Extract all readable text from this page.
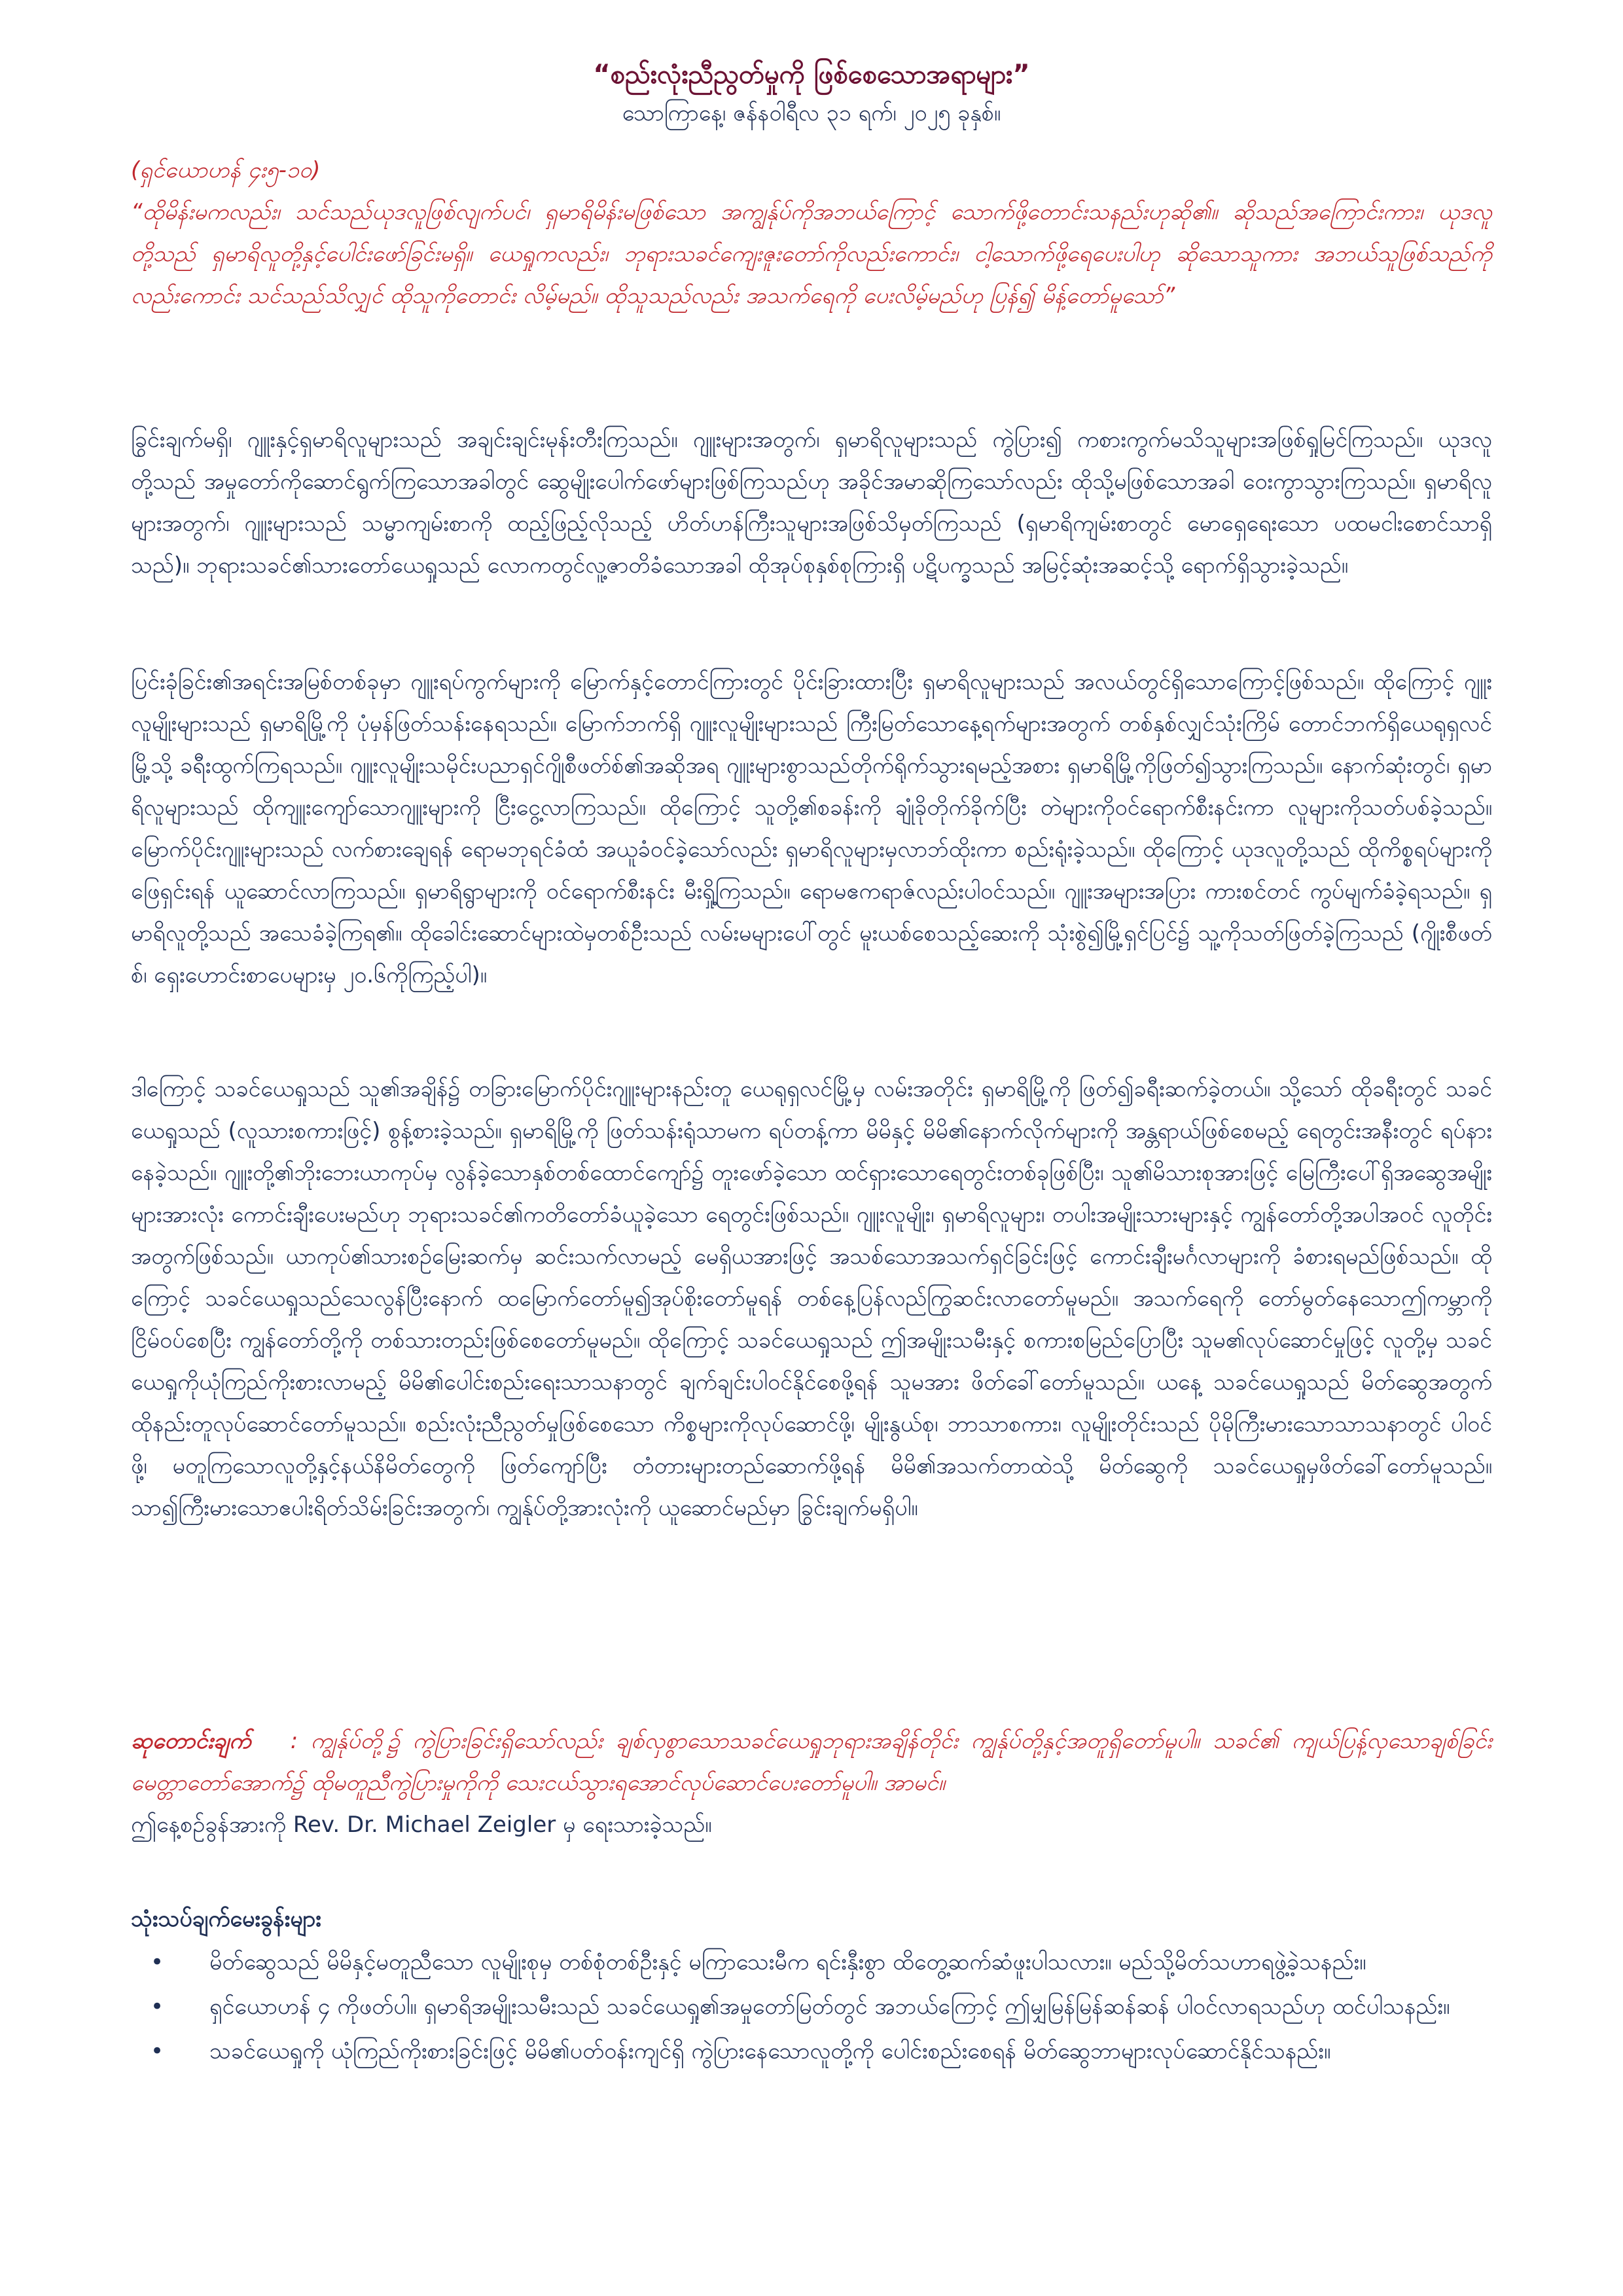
“စည်းလုံးညီညွတ်မှုကို ဖြစ်စေသောအရာများ”
သောကြာနေ့၊ ဇန်နဝါရီလ ၃၁ ရက်၊ ၂၀၂၅ ခုနှစ်။
(ရှင်ယောဟန် ၄း၅-၁၀)
“ထိုမိန်းမကလည်း၊ သင်သည်ယုဒလူဖြစ်လျက်ပင်၊ ရှမာရိမိန်းမဖြစ်သော အကျွန်ုပ်ကိုအဘယ်ကြောင့် သောက်ဖို့တောင်းသနည်းဟုဆို၏။ ဆိုသည်အကြောင်းကား၊ ယုဒလူတို့သည် ရှမာရိလူတို့နှင့်ပေါင်းဖော်ခြင်းမရှိ။ ယေရှုကလည်း၊ ဘုရားသခင်ကျေးဇူးတော်ကိုလည်းကောင်း၊ ငါ့သောက်ဖို့ရေပေးပါဟု ဆိုသောသူကား အဘယ်သူဖြစ်သည်ကိုလည်းကောင်း သင်သည်သိလျှင် ထိုသူကိုတောင်း လိမ့်မည်။ ထိုသူသည်လည်း အသက်ရေကို ပေးလိမ့်မည်ဟု ပြန်၍ မိန့်တော်မူသော်”
ခြွင်းချက်မရှိ၊ ဂျူးနှင့်ရှမာရိလူများသည် အချင်းချင်းမုန်းတီးကြသည်။ ဂျူးများအတွက်၊ ရှမာရိလူများသည် ကွဲပြား၍ ကစားကွက်မသိသူများအဖြစ်ရှုမြင်ကြသည်။ ယုဒလူတို့သည် အမှုတော်ကိုဆောင်ရွက်ကြသောအခါတွင် ဆွေမျိုးပေါက်ဖော်များဖြစ်ကြသည်ဟု အခိုင်အမာဆိုကြသော်လည်း ထိုသို့မဖြစ်သောအခါ ဝေးကွာသွားကြသည်။ ရှမာရိလူများအတွက်၊ ဂျူးများသည် သမ္မာကျမ်းစာကို ထည့်ဖြည့်လိုသည့် ဟိတ်ဟန်ကြီးသူများအဖြစ်သိမှတ်ကြသည် (ရှမာရိကျမ်းစာတွင် မောရှေရေးသော ပထမငါးစောင်သာရှိသည်)။ ဘုရားသခင်၏သားတော်ယေရှုသည် လောကတွင်လူ့ဇာတိခံသောအခါ ထိုအုပ်စုနှစ်စုကြားရှိ ပဋိပက္ခသည် အမြင့်ဆုံးအဆင့်သို့ ရောက်ရှိသွားခဲ့သည်။
ပြင်းခုံခြင်း၏အရင်းအမြစ်တစ်ခုမှာ ဂျူးရပ်ကွက်များကို မြောက်နှင့်တောင်ကြားတွင် ပိုင်းခြားထားပြီး ရှမာရိလူများသည် အလယ်တွင်ရှိသောကြောင့်ဖြစ်သည်။ ထိုကြောင့် ဂျူးလူမျိုးများသည် ရှမာရိမြို့ကို ပုံမှန်ဖြတ်သန်းနေရသည်။ မြောက်ဘက်ရှိ ဂျူးလူမျိုးများသည် ကြီးမြတ်သောနေ့ရက်များအတွက် တစ်နှစ်လျှင်သုံးကြိမ် တောင်ဘက်ရှိယေရုရှလင်မြို့သို့ ခရီးထွက်ကြရသည်။ ဂျူးလူမျိုးသမိုင်းပညာရှင်ဂျိုစီဖတ်စ်၏အဆိုအရ ဂျူးများစွာသည်တိုက်ရိုက်သွားရမည့်အစား ရှမာရိမြို့ကိုဖြတ်၍သွားကြသည်။ နောက်ဆုံးတွင်၊ ရှမာရိလူများသည် ထိုကျူးကျော်သောဂျူးများကို ငြီးငွေ့လာကြသည်။ ထိုကြောင့် သူတို့၏စခန်းကို ချုံခိုတိုက်ခိုက်ပြီး တဲများကိုဝင်ရောက်စီးနင်းကာ လူများကိုသတ်ပစ်ခဲ့သည်။ မြောက်ပိုင်းဂျူးများသည် လက်စားချေရန် ရောမဘုရင်ခံထံ အယူခံဝင်ခဲ့သော်လည်း ရှမာရိလူများမှလာဘ်ထိုးကာ စည်းရုံးခဲ့သည်။ ထိုကြောင့် ယုဒလူတို့သည် ထိုကိစ္စရပ်များကိုဖြေရှင်းရန် ယူဆောင်လာကြသည်။ ရှမာရိရွာများကို ဝင်ရောက်စီးနင်း မီးရှို့ကြသည်။ ရောမဧကရာဇ်လည်းပါဝင်သည်။ ဂျူးအများအပြား ကားစင်တင် ကွပ်မျက်ခံခဲ့ရသည်။ ရှမာရိလူတို့သည် အသေခံခဲ့ကြရ၏။ ထိုခေါင်းဆောင်များထဲမှတစ်ဦးသည် လမ်းမများပေါ်တွင် မူးယစ်စေသည့်ဆေးကို သုံးစွဲ၍မြို့ရှင်ပြင်၌ သူ့ကိုသတ်ဖြတ်ခဲ့ကြသည် (ဂျိုးစီဖတ်စ်၊ ရှေးဟောင်းစာပေများမှ ၂၀.၆ကိုကြည့်ပါ)။
ဒါကြောင့် သခင်ယေရှုသည် သူ၏အချိန်၌ တခြားမြောက်ပိုင်းဂျူးများနည်းတူ ယေရုရှလင်မြို့မှ လမ်းအတိုင်း ရှမာရိမြို့ကို ဖြတ်၍ခရီးဆက်ခဲ့တယ်။ သို့သော် ထိုခရီးတွင် သခင်ယေရှုသည် (လူသားစကားဖြင့်) စွန့်စားခဲ့သည်။ ရှမာရိမြို့ကို ဖြတ်သန်းရုံသာမက ရပ်တန့်ကာ မိမိနှင့် မိမိ၏နောက်လိုက်များကို အန္တရာယ်ဖြစ်စေမည့် ရေတွင်းအနီးတွင် ရပ်နားနေခဲ့သည်။ ဂျူးတို့၏ဘိုးဘေးယာကုပ်မှ လွန်ခဲ့သောနှစ်တစ်ထောင်ကျော်၌ တူးဖော်ခဲ့သော ထင်ရှားသောရေတွင်းတစ်ခုဖြစ်ပြီး၊ သူ၏မိသားစုအားဖြင့် မြေကြီးပေါ်ရှိအဆွေအမျိုးများအားလုံး ကောင်းချီးပေးမည်ဟု ဘုရားသခင်၏ကတိတော်ခံယူခဲ့သော ရေတွင်းဖြစ်သည်။ ဂျူးလူမျိုး၊ ရှမာရိလူများ၊ တပါးအမျိုးသားများနှင့် ကျွန်တော်တို့အပါအဝင် လူတိုင်းအတွက်ဖြစ်သည်။ ယာကုပ်၏သားစဉ်မြေးဆက်မှ ဆင်းသက်လာမည့် မေရှိယအားဖြင့် အသစ်သောအသက်ရှင်ခြင်းဖြင့် ကောင်းချီးမင်္ဂလာများကို ခံစားရမည်ဖြစ်သည်။ ထိုကြောင့် သခင်ယေရှုသည်သေလွန်ပြီးနောက် ထမြောက်တော်မူ၍အုပ်စိုးတော်မူရန် တစ်နေ့ပြန်လည်ကြွဆင်းလာတော်မူမည်။ အသက်ရေကို တော်မွတ်နေသောဤကမ္ဘာကို ငြိမ်ဝပ်စေပြီး ကျွန်တော်တို့ကို တစ်သားတည်းဖြစ်စေတော်မူမည်။ ထိုကြောင့် သခင်ယေရှုသည် ဤအမျိုးသမီးနှင့် စကားစမြည်ပြောပြီး သူမ၏လုပ်ဆောင်မှုဖြင့် လူတို့မှ သခင်ယေရှုကိုယုံကြည်ကိုးစားလာမည့် မိမိ၏ပေါင်းစည်းရေးသာသနာတွင် ချက်ချင်းပါဝင်နိုင်စေဖို့ရန် သူမအား ဖိတ်ခေါ်တော်မူသည်။ ယနေ့ သခင်ယေရှုသည် မိတ်ဆွေအတွက် ထိုနည်းတူလုပ်ဆောင်တော်မူသည်။ စည်းလုံးညီညွတ်မှုဖြစ်စေသော ကိစ္စများကိုလုပ်ဆောင်ဖို့၊ မျိုးနွယ်စု၊ ဘာသာစကား၊ လူမျိုးတိုင်းသည် ပိုမိုကြီးမားသောသာသနာတွင် ပါဝင်ဖို့၊ မတူကြသောလူတို့နှင့်နယ်နိမိတ်တွေကို ဖြတ်ကျော်ပြီး တံတားများတည်ဆောက်ဖို့ရန် မိမိ၏အသက်တာထဲသို့ မိတ်ဆွေကို သခင်ယေရှုမှဖိတ်ခေါ်တော်မူသည်။ သာ၍ကြီးမားသောဧပါးရိတ်သိမ်းခြင်းအတွက်၊ ကျွန်ုပ်တို့အားလုံးကို ယူဆောင်မည်မှာ ခြွင်းချက်မရှိပါ။
ဆုတောင်းချက် : ကျွန်ုပ်တို့၌ ကွဲပြားခြင်းရှိသော်လည်း ချစ်လှစွာသောသခင်ယေရှုဘုရားအချိန်တိုင်း ကျွန်ုပ်တို့နှင့်အတူရှိတော်မူပါ။ သခင်၏ ကျယ်ပြန့်လှသောချစ်ခြင်းမေတ္တာတော်အောက်၌ ထိုမတူညီကွဲပြားမှုကိုကို သေးငယ်သွားရအောင်လုပ်ဆောင်ပေးတော်မူပါ။ အာမင်။
ဤနေ့စဉ်ခွန်အားကို Rev. Dr. Michael Zeigler မှ ရေးသားခဲ့သည်။
သုံးသပ်ချက်မေးခွန်းများ
• မိတ်ဆွေသည် မိမိနှင့်မတူညီသော လူမျိုးစုမှ တစ်စုံတစ်ဦးနှင့် မကြာသေးမီက ရင်းနှီးစွာ ထိတွေ့ဆက်ဆံဖူးပါသလား။ မည်သို့မိတ်သဟာရဖွဲ့ခဲ့သနည်း။
• ရှင်ယောဟန် ၄ ကိုဖတ်ပါ။ ရှမာရိအမျိုးသမီးသည် သခင်ယေရှု၏အမှုတော်မြတ်တွင် အဘယ်ကြောင့် ဤမျှမြန်မြန်ဆန်ဆန် ပါဝင်လာရသည်ဟု ထင်ပါသနည်း။
• သခင်ယေရှုကို ယုံကြည်ကိုးစားခြင်းဖြင့် မိမိ၏ပတ်ဝန်းကျင်ရှိ ကွဲပြားနေသောလူတို့ကို ပေါင်းစည်းစေရန် မိတ်ဆွေဘာများလုပ်ဆောင်နိုင်သနည်း။
